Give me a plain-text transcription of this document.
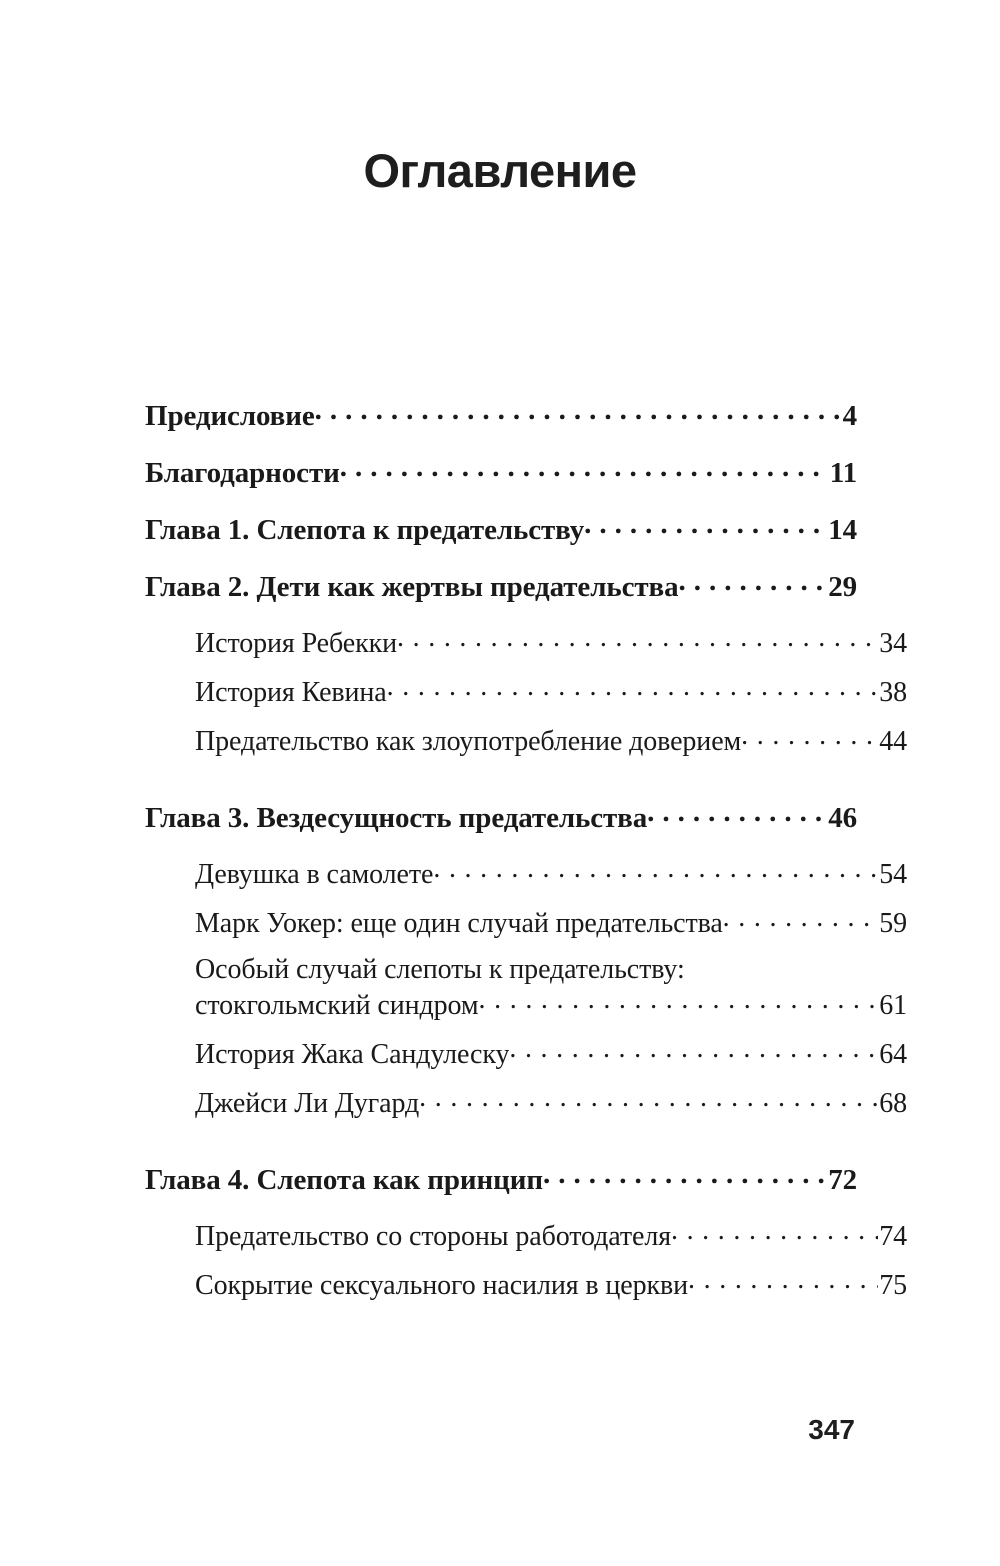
Оглавление
Предисловие .....	4
Благодарности .....	11
Глава 1. Слепота к предательству .....	14
Глава 2. Дети как жертвы предательства .....	29
История Ребекки .....	34
История Кевина .....	38
Предательство как злоупотребление доверием .....	44
Глава 3. Вездесущность предательства .....	46
Девушка в самолете .....	54
Марк Уокер: еще один случай предательства .....	59
Особый случай слепоты к предательству:
стокгольмский синдром .....	61
История Жака Сандулеску .....	64
Джейси Ли Дугард .....	68
Глава 4. Слепота как принцип .....	72
Предательство со стороны работодателя .....	74
Сокрытие сексуального насилия в церкви .....	75
347
